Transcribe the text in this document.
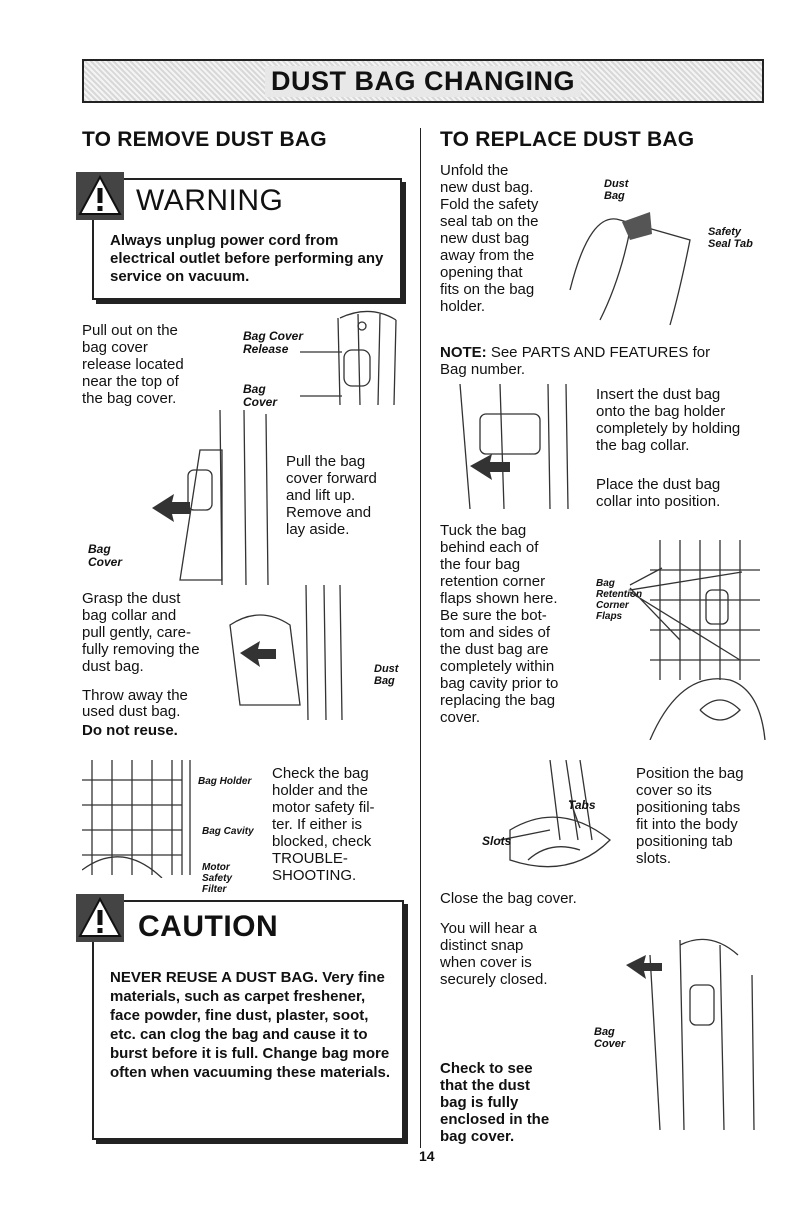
DUST BAG CHANGING
TO REMOVE DUST BAG
WARNING
Always unplug power cord from electrical outlet before performing any service on vacuum.
Pull out on the
bag cover
release located
near the top of
the bag cover.
Bag Cover
Release
Bag
Cover
Pull the bag
cover forward
and lift up.
Remove and
lay aside.
Bag
Cover
Grasp the dust
bag collar and
pull gently, care-
fully removing the
dust bag.
Throw away the
used dust bag.
Do not reuse.
Dust
Bag
Bag Holder
Bag Cavity
Motor
Safety
Filter
Check the bag
holder and the
motor safety fil-
ter. If either is
blocked, check
TROUBLE-
SHOOTING.
CAUTION
NEVER REUSE A DUST BAG. Very fine materials, such as carpet freshener, face powder, fine dust, plaster, soot, etc. can clog the bag and cause it to burst before it is full. Change bag more often when vacuuming these materials.
TO REPLACE DUST BAG
Unfold the
new dust bag.
Fold the safety
seal tab on the
new dust bag
away from the
opening that
fits on the bag
holder.
Dust
Bag
Safety
Seal Tab
NOTE: See PARTS AND FEATURES for
Bag number.
Insert the dust bag
onto the bag holder
completely by holding
the bag collar.
Place the dust bag
collar into position.
Tuck the bag
behind each of
the four bag
retention corner
flaps shown here.
Be sure the bot-
tom and sides of
the dust bag are
completely within
bag cavity prior to
replacing the bag
cover.
Bag
Retention
Corner
Flaps
Tabs
Slots
Position the bag
cover so its
positioning tabs
fit into the body
positioning tab
slots.
Close the bag cover.
You will hear a
distinct snap
when cover is
securely closed.
Check to see
that the dust
bag is fully
enclosed in the
bag cover.
Bag
Cover
14
